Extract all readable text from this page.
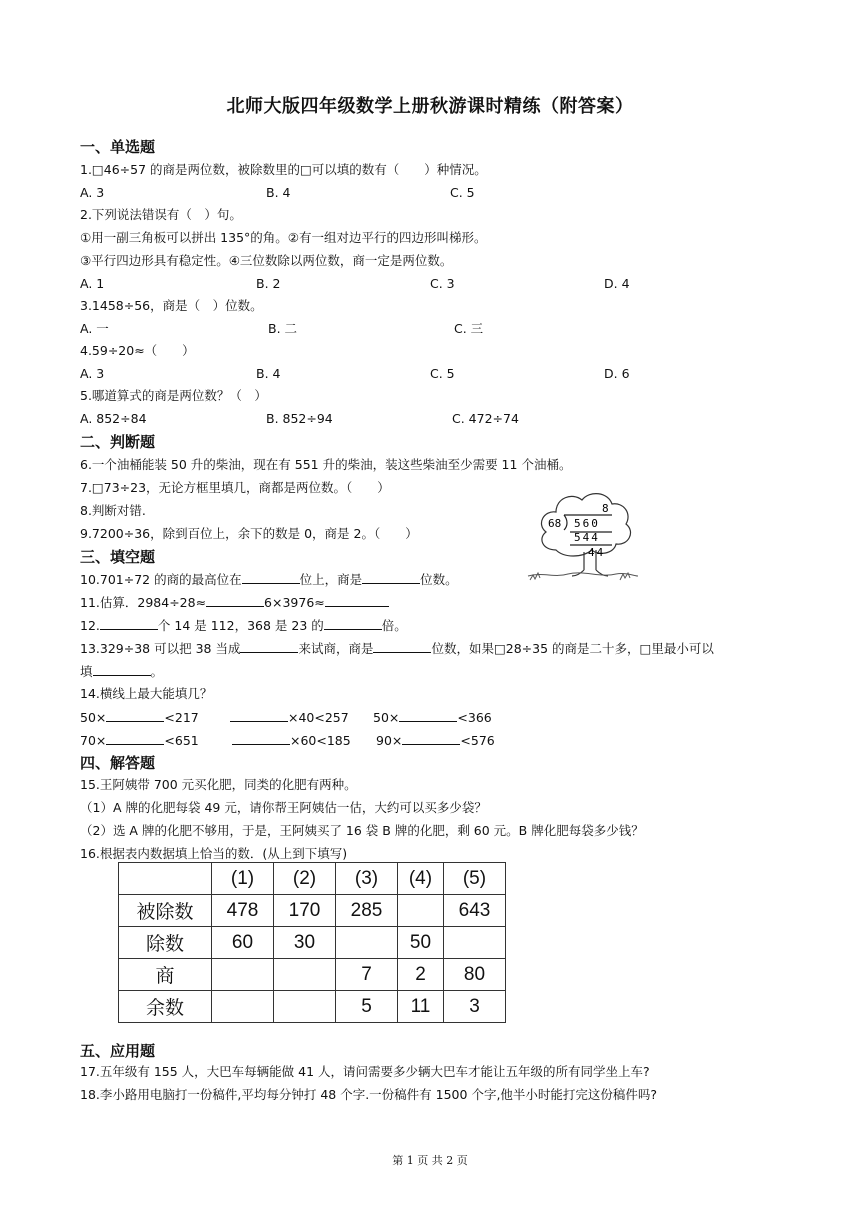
北师大版四年级数学上册秋游课时精练（附答案）
一、单选题
1.□46÷57 的商是两位数，被除数里的□可以填的数有（　　）种情况。
A. 3	B. 4	C. 5
2.下列说法错误有（　）句。
①用一副三角板可以拼出 135°的角。②有一组对边平行的四边形叫梯形。
③平行四边形具有稳定性。④三位数除以两位数，商一定是两位数。
A. 1	B. 2	C. 3	D. 4
3.1458÷56，商是（　）位数。
A. 一	B. 二	C. 三
4.59÷20≈（　　）
A. 3	B. 4	C. 5	D. 6
5.哪道算式的商是两位数？（　）
A. 852÷84	B. 852÷94	C. 472÷74
二、判断题
6.一个油桶能装 50 升的柴油，现在有 551 升的柴油，装这些柴油至少需要 11 个油桶。
7.□73÷23，无论方框里填几，商都是两位数。（　　）
8.判断对错.
9.7200÷36，除到百位上，余下的数是 0，商是 2。（　　）
8
68 560
544
44
三、填空题
10.701÷72 的商的最高位在	位上，商是	位数。
11.估算．2984÷28≈	6×3976≈
12.	个 14 是 112，368 是 23 的	倍。
13.329÷38 可以把 38 当成	来试商，商是	位数，如果□28÷35 的商是二十多，□里最小可以
填	。
14.横线上最大能填几？
50×	<217	×40<257 50×	<366
70×	<651	×60<185 90×	<576
四、解答题
15.王阿姨带 700 元买化肥，同类的化肥有两种。
（1）A 牌的化肥每袋 49 元，请你帮王阿姨估一估，大约可以买多少袋？
（2）选 A 牌的化肥不够用，于是，王阿姨买了 16 袋 B 牌的化肥，剩 60 元。B 牌化肥每袋多少钱？
16.根据表内数据填上恰当的数．(从上到下填写)
	(1)	(2)	(3)	(4)	(5)
被除数	478	170	285		643
除数	60	30		50	
商			7	2	80
余数			5	11	3
五、应用题
17.五年级有 155 人，大巴车每辆能做 41 人，请问需要多少辆大巴车才能让五年级的所有同学坐上车?
18.李小路用电脑打一份稿件,平均每分钟打 48 个字.一份稿件有 1500 个字,他半小时能打完这份稿件吗?
第 1 页 共 2 页
